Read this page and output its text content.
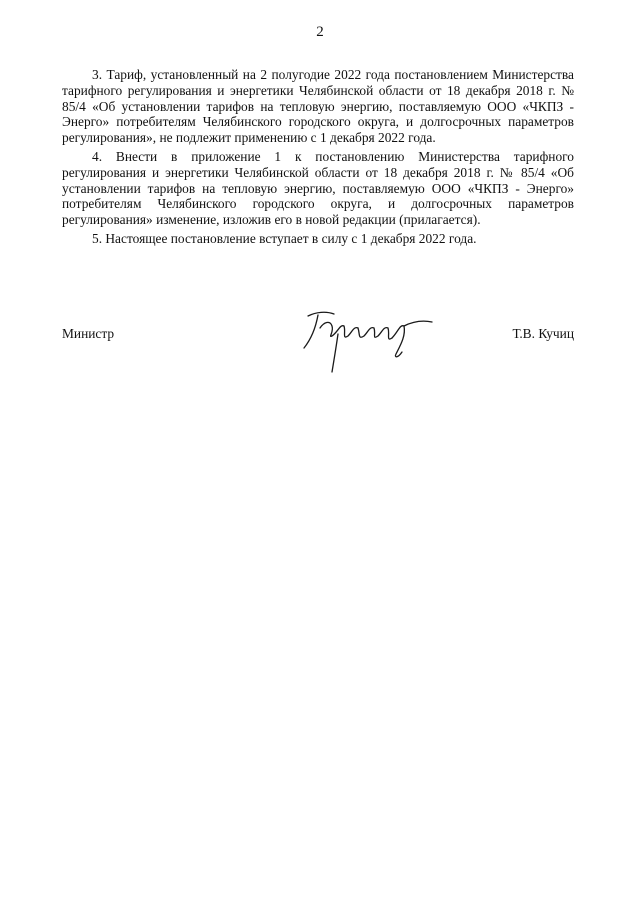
2

3. Тариф, установленный на 2 полугодие 2022 года постановлением Министерства тарифного регулирования и энергетики Челябинской области от 18 декабря 2018 г. № 85/4 «Об установлении тарифов на тепловую энергию, поставляемую ООО «ЧКПЗ - Энерго» потребителям Челябинского городского округа, и долгосрочных параметров регулирования», не подлежит применению с 1 декабря 2022 года.

4. Внести в приложение 1 к постановлению Министерства тарифного регулирования и энергетики Челябинской области от 18 декабря 2018 г. № 85/4 «Об установлении тарифов на тепловую энергию, поставляемую ООО «ЧКПЗ - Энерго» потребителям Челябинского городского округа, и долгосрочных параметров регулирования» изменение, изложив его в новой редакции (прилагается).

5. Настоящее постановление вступает в силу с 1 декабря 2022 года.

Министр	Т.В. Кучиц
